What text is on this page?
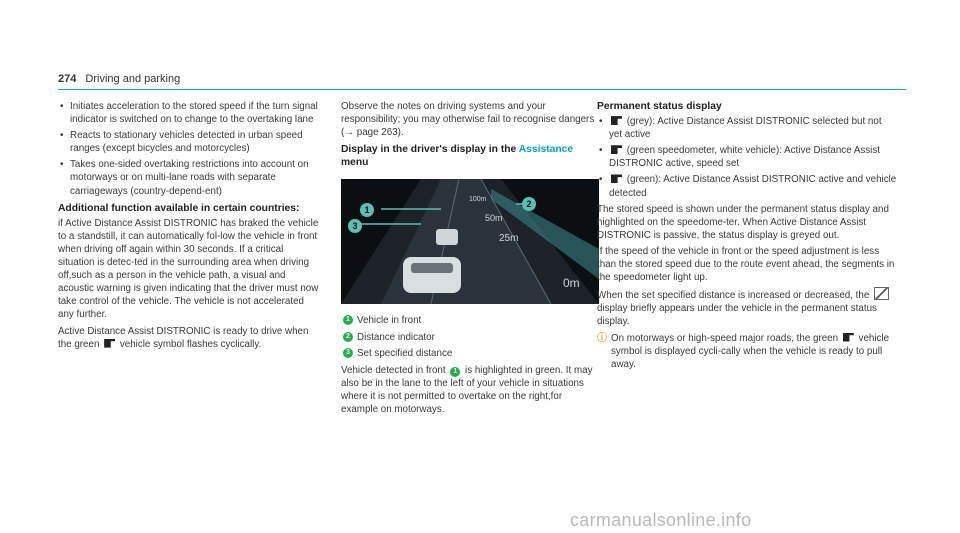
274 Driving and parking
• Initiates acceleration to the stored speed if the turn signal indicator is switched on to change to the overtaking lane
• Reacts to stationary vehicles detected in urban speed ranges (except bicycles and motorcycles)
• Takes one-sided overtaking restrictions into account on motorways or on multi-lane roads with separate carriageways (country-depend-ent)
Additional function available in certain countries:

if Active Distance Assist DISTRONIC has braked the vehicle to a standstill, it can automatically fol-low the vehicle in front when driving off again within 30 seconds. If a critical situation is detec-ted in the surrounding area when driving off,such as a person in the vehicle path, a visual and acoustic warning is given indicating that the driver must now take control of the vehicle. The vehicle is not accelerated any further.

Active Distance Assist DISTRONIC is ready to drive when the green vehicle symbol flashes cyclically.

Observe the notes on driving systems and your responsibility; you may otherwise fail to recognise dangers (→ page 263).

Display in the driver's display in the Assistance
menu
1
3
2
100m
50m
25m
0m
1 Vehicle in front
2 Distance indicator
3 Set specified distance

Vehicle detected in front 1 is highlighted in green. It may also be in the lane to the left of your vehicle in situations where it is not permitted to overtake on the right,for example on motorways.

Permanent status display
• (grey): Active Distance Assist DISTRONIC selected but not yet active
• (green speedometer, white vehicle): Active Distance Assist DISTRONIC active, speed set
• (green): Active Distance Assist DISTRONIC active and vehicle detected

The stored speed is shown under the permanent status display and highlighted on the speedome-ter. When Active Distance Assist DISTRONIC is passive, the status display is greyed out.

If the speed of the vehicle in front or the speed adjustment is less than the stored speed due to the route event ahead, the segments in the speedometer light up.

When the set specified distance is increased or decreased, the  display briefly appears under the vehicle in the permanent status display.

ⓘ On motorways or high-speed major roads, the green vehicle symbol is displayed cycli-cally when the vehicle is ready to pull away.
carmanualsonline.info
